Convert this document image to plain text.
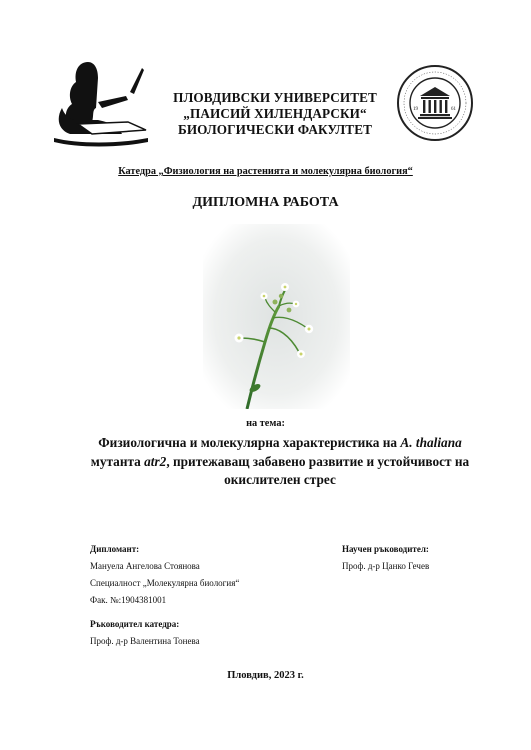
ПЛОВДИВСКИ УНИВЕРСИТЕТ
„ПАИСИЙ ХИЛЕНДАРСКИ“
БИОЛОГИЧЕСКИ ФАКУЛТЕТ
19	61
Катедра „Физиология на растенията и молекулярна биология“
ДИПЛОМНА РАБОТА
на тема:
Физиологична и молекулярна характеристика на A. thaliana мутанта atr2, притежаващ забавено развитие и устойчивост на окислителен стрес
Дипломант:
Мануела Ангелова Стоянова
Специалност „Молекулярна биология“
Фак. №:1904381001
Научен ръководител:
Проф. д-р Цанко Гечев
Ръководител катедра:
Проф. д-р Валентина Тонева
Пловдив, 2023 г.
